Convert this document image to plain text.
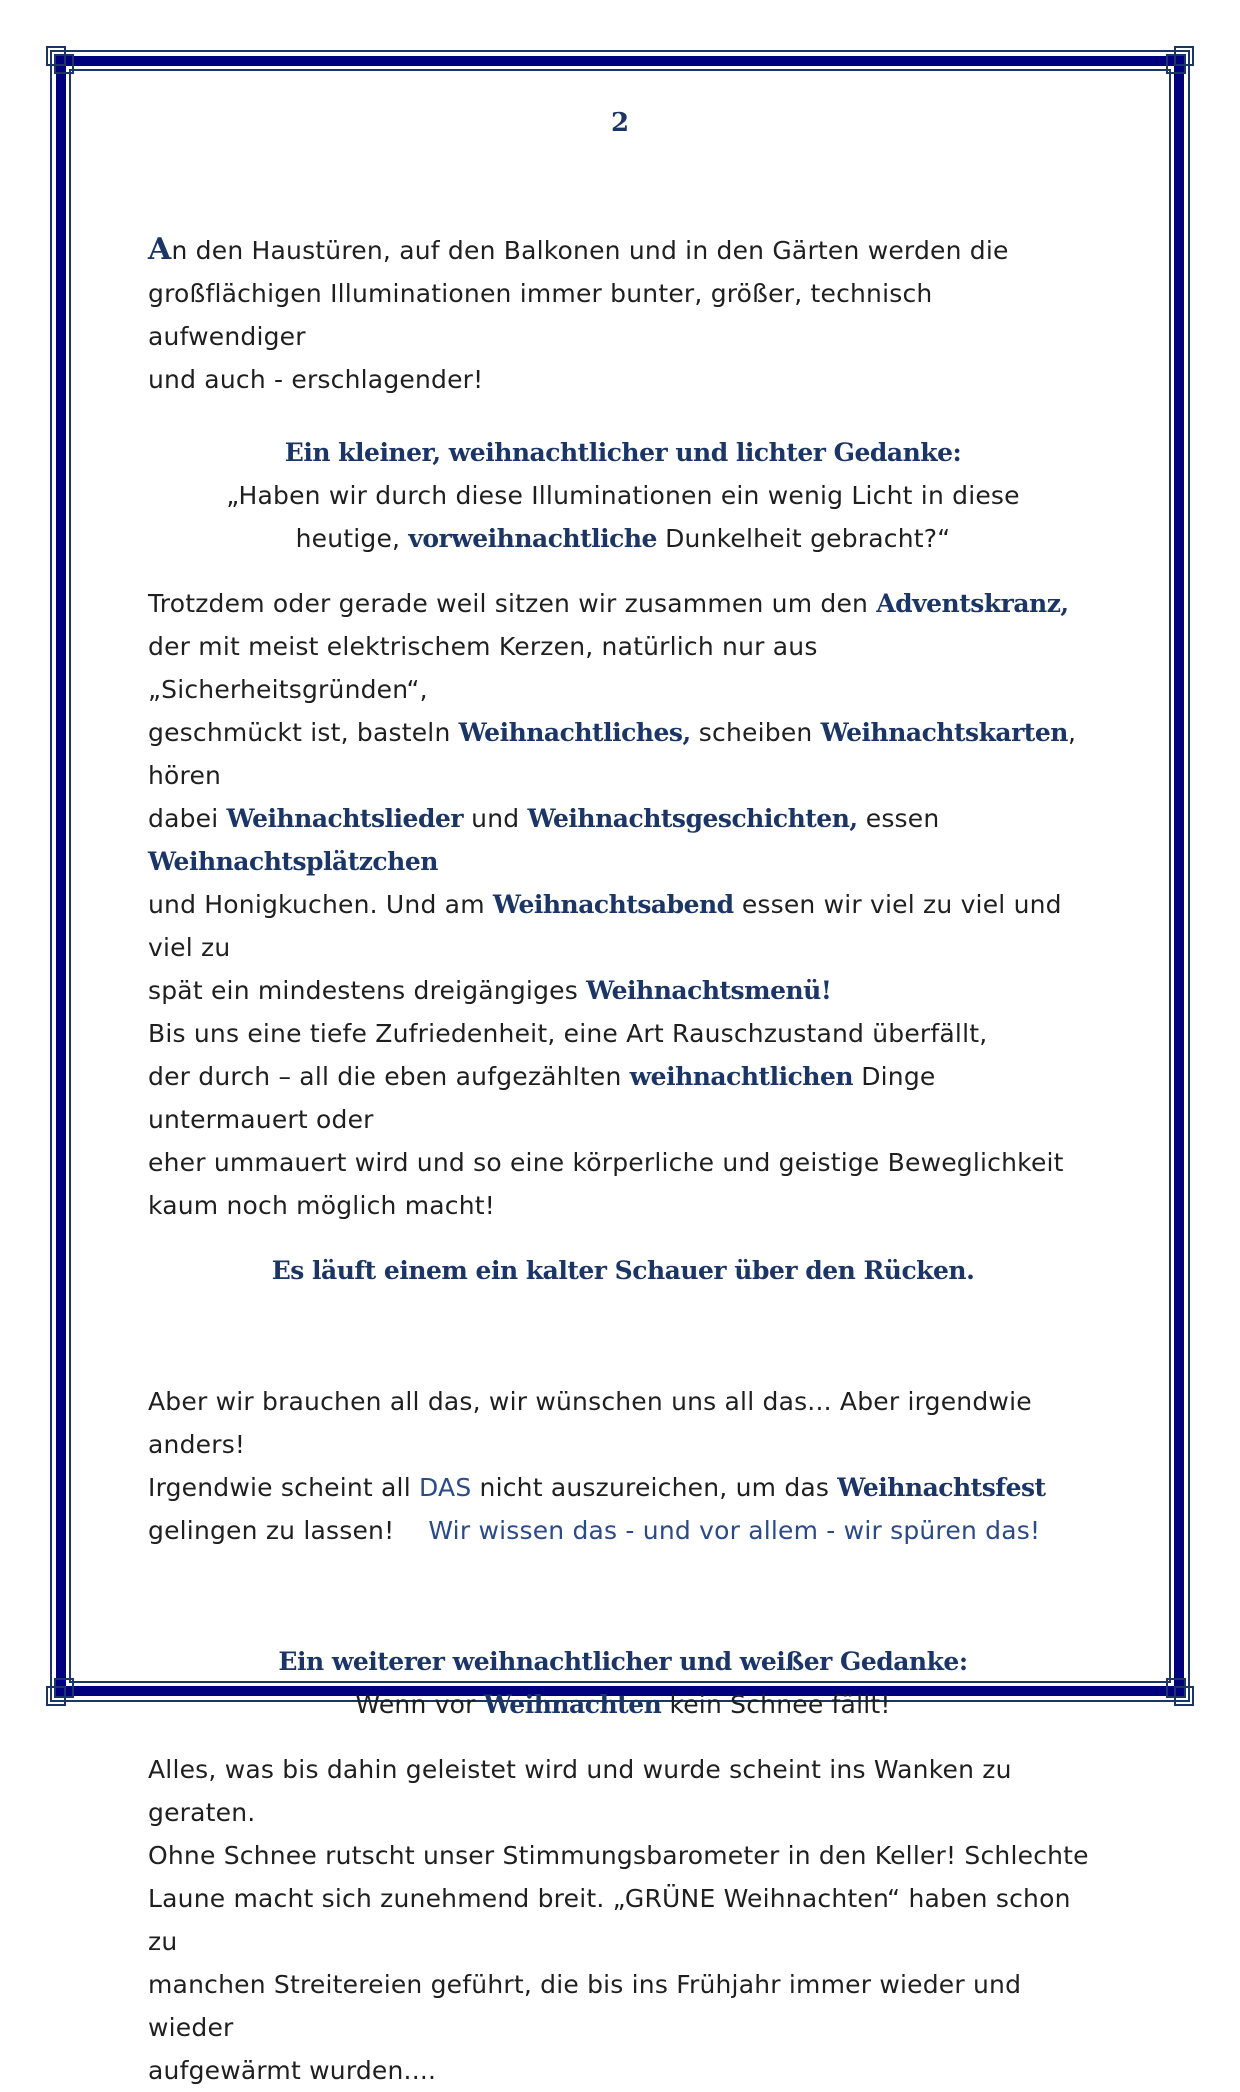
2

An den Haustüren, auf den Balkonen und in den Gärten werden die

großflächigen Illuminationen immer bunter, größer, technisch aufwendiger

und auch - erschlagender!

Ein kleiner, weihnachtlicher und lichter Gedanke:

„Haben wir durch diese Illuminationen ein wenig Licht in diese

heutige, vorweihnachtliche Dunkelheit gebracht?“

Trotzdem oder gerade weil sitzen wir zusammen um den Adventskranz,

der mit meist elektrischem Kerzen, natürlich nur aus „Sicherheitsgründen“,

geschmückt ist, basteln Weihnachtliches, scheiben Weihnachtskarten, hören

dabei Weihnachtslieder und Weihnachtsgeschichten, essen Weihnachtsplätzchen

und Honigkuchen. Und am Weihnachtsabend essen wir viel zu viel und viel zu

spät ein mindestens dreigängiges Weihnachtsmenü!

Bis uns eine tiefe Zufriedenheit, eine Art Rauschzustand überfällt,

der durch – all die eben aufgezählten weihnachtlichen Dinge untermauert oder

eher ummauert wird und so eine körperliche und geistige Beweglichkeit

kaum noch möglich macht!

Es läuft einem ein kalter Schauer über den Rücken.

Aber wir brauchen all das, wir wünschen uns all das... Aber irgendwie anders!

Irgendwie scheint all DAS nicht auszureichen, um das Weihnachtsfest

gelingen zu lassen! Wir wissen das - und vor allem - wir spüren das!

Ein weiterer weihnachtlicher und weißer Gedanke:

Wenn vor Weihnachten kein Schnee fällt!

Alles, was bis dahin geleistet wird und wurde scheint ins Wanken zu geraten.

Ohne Schnee rutscht unser Stimmungsbarometer in den Keller! Schlechte

Laune macht sich zunehmend breit. „GRÜNE Weihnachten“ haben schon zu

manchen Streitereien geführt, die bis ins Frühjahr immer wieder und wieder

aufgewärmt wurden....
